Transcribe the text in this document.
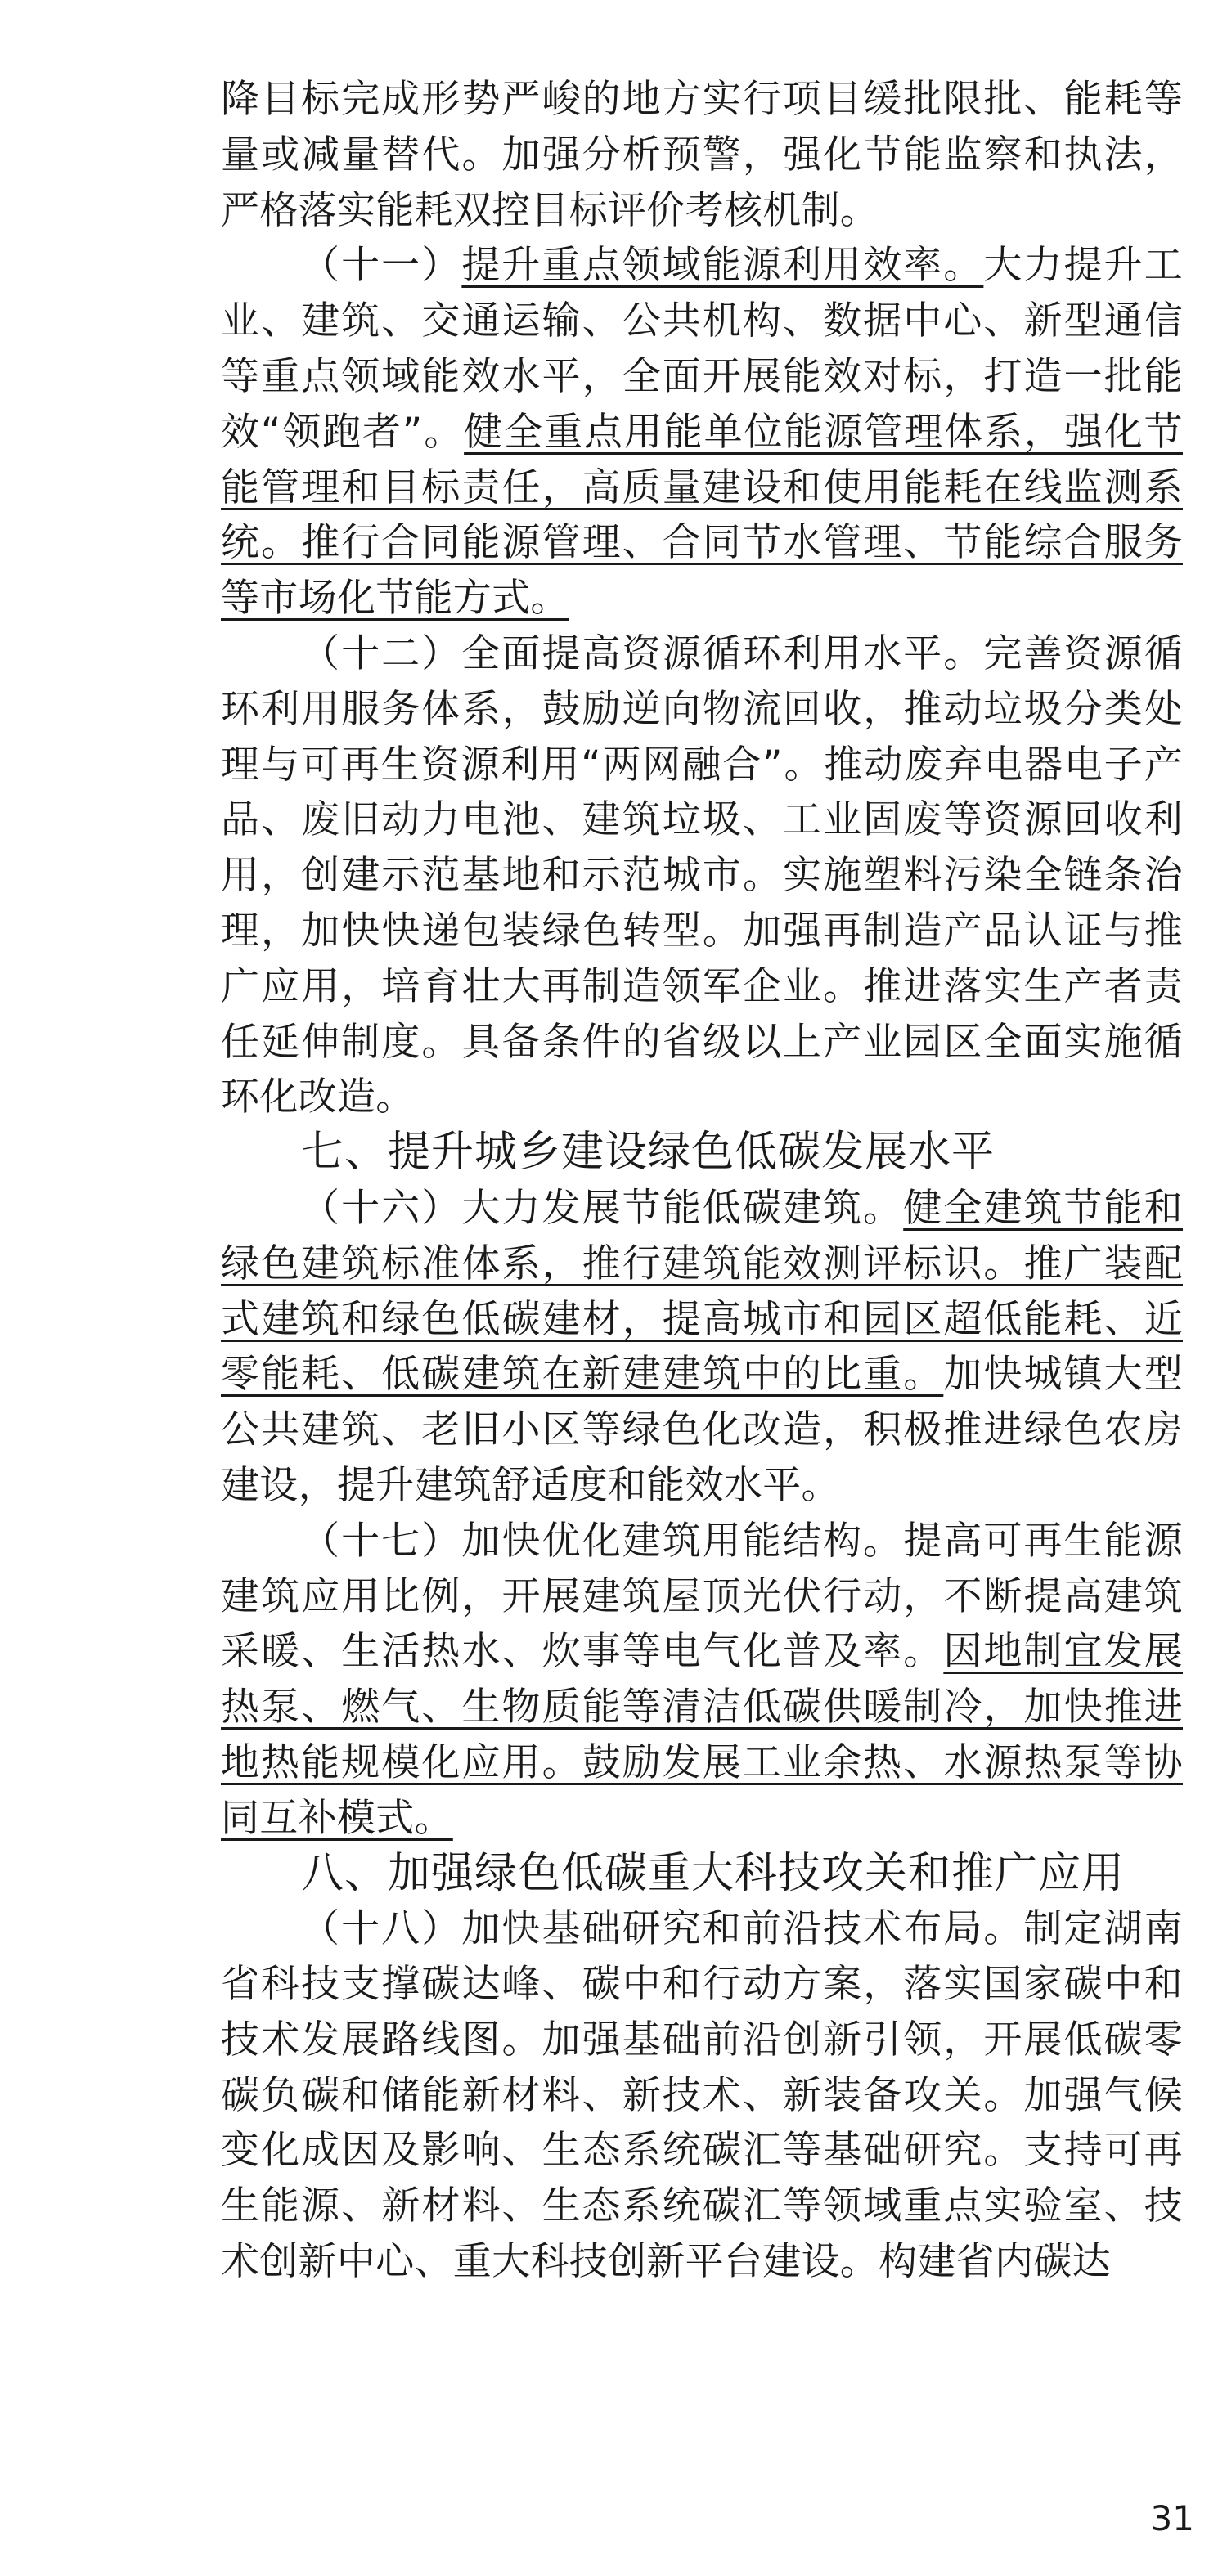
降目标完成形势严峻的地方实行项目缓批限批、能耗等量或减量替代。加强分析预警，强化节能监察和执法，严格落实能耗双控目标评价考核机制。

（十一）提升重点领域能源利用效率。大力提升工业、建筑、交通运输、公共机构、数据中心、新型通信等重点领域能效水平，全面开展能效对标，打造一批能效“领跑者”。健全重点用能单位能源管理体系，强化节能管理和目标责任，高质量建设和使用能耗在线监测系统。推行合同能源管理、合同节水管理、节能综合服务等市场化节能方式。

（十二）全面提高资源循环利用水平。完善资源循环利用服务体系，鼓励逆向物流回收，推动垃圾分类处理与可再生资源利用“两网融合”。推动废弃电器电子产品、废旧动力电池、建筑垃圾、工业固废等资源回收利用，创建示范基地和示范城市。实施塑料污染全链条治理，加快快递包装绿色转型。加强再制造产品认证与推广应用，培育壮大再制造领军企业。推进落实生产者责任延伸制度。具备条件的省级以上产业园区全面实施循环化改造。

七、提升城乡建设绿色低碳发展水平

（十六）大力发展节能低碳建筑。健全建筑节能和绿色建筑标准体系，推行建筑能效测评标识。推广装配式建筑和绿色低碳建材，提高城市和园区超低能耗、近零能耗、低碳建筑在新建建筑中的比重。加快城镇大型公共建筑、老旧小区等绿色化改造，积极推进绿色农房建设，提升建筑舒适度和能效水平。

（十七）加快优化建筑用能结构。提高可再生能源建筑应用比例，开展建筑屋顶光伏行动，不断提高建筑采暖、生活热水、炊事等电气化普及率。因地制宜发展热泵、燃气、生物质能等清洁低碳供暖制冷，加快推进地热能规模化应用。鼓励发展工业余热、水源热泵等协同互补模式。

八、加强绿色低碳重大科技攻关和推广应用

（十八）加快基础研究和前沿技术布局。制定湖南省科技支撑碳达峰、碳中和行动方案，落实国家碳中和技术发展路线图。加强基础前沿创新引领，开展低碳零碳负碳和储能新材料、新技术、新装备攻关。加强气候变化成因及影响、生态系统碳汇等基础研究。支持可再生能源、新材料、生态系统碳汇等领域重点实验室、技术创新中心、重大科技创新平台建设。构建省内碳达

31
